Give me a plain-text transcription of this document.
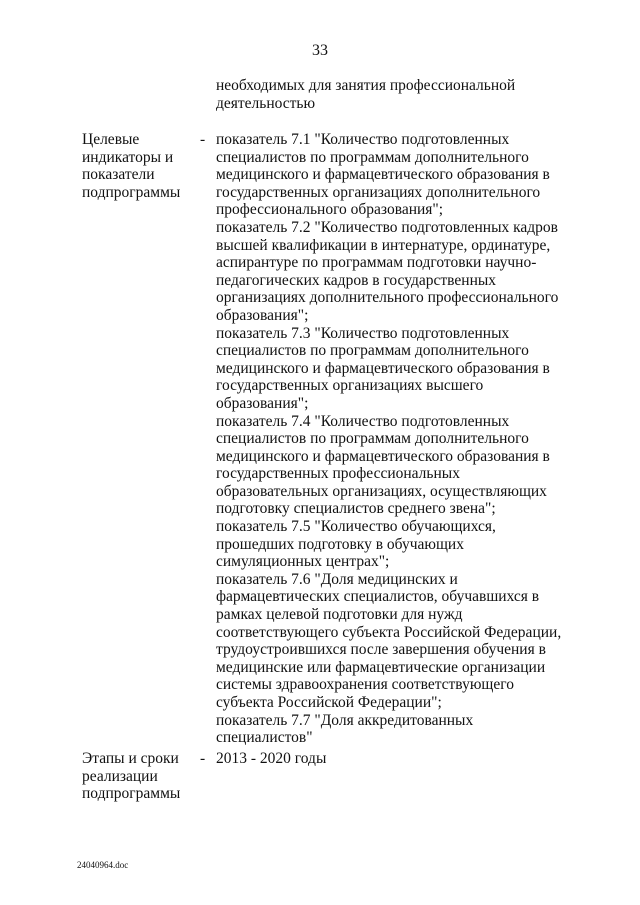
33
необходимых для занятия профессиональной
деятельностью
Целевые
индикаторы и
показатели
подпрограммы
- показатель 7.1 "Количество подготовленных
специалистов по программам дополнительного
медицинского и фармацевтического образования в
государственных организациях дополнительного
профессионального образования";
показатель 7.2 "Количество подготовленных кадров
высшей квалификации в интернатуре, ординатуре,
аспирантуре по программам подготовки научно-
педагогических кадров в государственных
организациях дополнительного профессионального
образования";
показатель 7.3 "Количество подготовленных
специалистов по программам дополнительного
медицинского и фармацевтического образования в
государственных организациях высшего
образования";
показатель 7.4 "Количество подготовленных
специалистов по программам дополнительного
медицинского и фармацевтического образования в
государственных профессиональных
образовательных организациях, осуществляющих
подготовку специалистов среднего звена";
показатель 7.5 "Количество обучающихся,
прошедших подготовку в обучающих
симуляционных центрах";
показатель 7.6 "Доля медицинских и
фармацевтических специалистов, обучавшихся в
рамках целевой подготовки для нужд
соответствующего субъекта Российской Федерации,
трудоустроившихся после завершения обучения в
медицинские или фармацевтические организации
системы здравоохранения соответствующего
субъекта Российской Федерации";
показатель 7.7 "Доля аккредитованных
специалистов"
Этапы и сроки
реализации
подпрограммы
- 2013 - 2020 годы
24040964.doc
